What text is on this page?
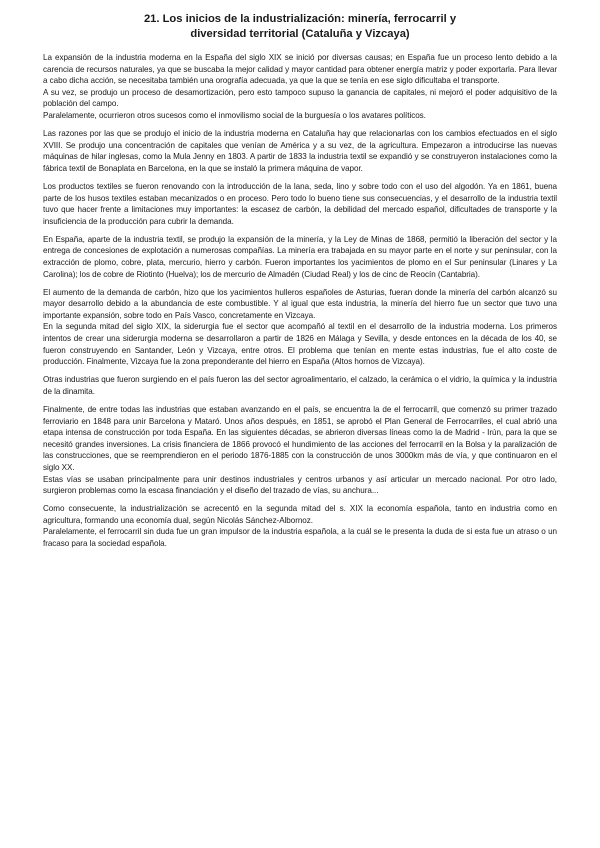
21. Los inicios de la industrialización: minería, ferrocarril y
diversidad territorial (Cataluña y Vizcaya)

La expansión de la industria moderna en la España del siglo XIX se inició por diversas causas; en España fue un proceso lento debido a la carencia de recursos naturales, ya que se buscaba la mejor calidad y mayor cantidad para obtener energía matriz y poder exportarla. Para llevar a cabo dicha acción, se necesitaba también una orografía adecuada, ya que la que se tenía en ese siglo dificultaba el transporte.

A su vez, se produjo un proceso de desamortización, pero esto tampoco supuso la ganancia de capitales, ni mejoró el poder adquisitivo de la población del campo.

Paralelamente, ocurrieron otros sucesos como el inmovilismo social de la burguesía o los avatares políticos.

Las razones por las que se produjo el inicio de la industria moderna en Cataluña hay que relacionarlas con los cambios efectuados en el siglo XVIII. Se produjo una concentración de capitales que venían de América y a su vez, de la agricultura. Empezaron a introducirse las nuevas máquinas de hilar inglesas, como la Mula Jenny en 1803. A partir de 1833 la industria textil se expandió y se construyeron instalaciones como la fábrica textil de Bonaplata en Barcelona, en la que se instaló la primera máquina de vapor.

Los productos textiles se fueron renovando con la introducción de la lana, seda, lino y sobre todo con el uso del algodón. Ya en 1861, buena parte de los husos textiles estaban mecanizados o en proceso. Pero todo lo bueno tiene sus consecuencias, y el desarrollo de la industria textil tuvo que hacer frente a limitaciones muy importantes: la escasez de carbón, la debilidad del mercado español, dificultades de transporte y la insuficiencia de la producción para cubrir la demanda.

En España, aparte de la industria textil, se produjo la expansión de la minería, y la Ley de Minas de 1868, permitió la liberación del sector y la entrega de concesiones de explotación a numerosas compañías. La minería era trabajada en su mayor parte en el norte y sur peninsular, con la extracción de plomo, cobre, plata, mercurio, hierro y carbón. Fueron importantes los yacimientos de plomo en el Sur peninsular (Linares y La Carolina); los de cobre de Riotinto (Huelva); los de mercurio de Almadén (Ciudad Real) y los de cinc de Reocín (Cantabria).

El aumento de la demanda de carbón, hizo que los yacimientos hulleros españoles de Asturias, fueran donde la minería del carbón alcanzó su mayor desarrollo debido a la abundancia de este combustible. Y al igual que esta industria, la minería del hierro fue un sector que tuvo una importante expansión, sobre todo en País Vasco, concretamente en Vizcaya.

En la segunda mitad del siglo XIX, la siderurgia fue el sector que acompañó al textil en el desarrollo de la industria moderna. Los primeros intentos de crear una siderurgia moderna se desarrollaron a partir de 1826 en Málaga y Sevilla, y desde entonces en la década de los 40, se fueron construyendo en Santander, León y Vizcaya, entre otros. El problema que tenían en mente estas industrias, fue el alto coste de producción. Finalmente, Vizcaya fue la zona preponderante del hierro en España (Altos hornos de Vizcaya).

Otras industrias que fueron surgiendo en el país fueron las del sector agroalimentario, el calzado, la cerámica o el vidrio, la química y la industria de la dinamita.

Finalmente, de entre todas las industrias que estaban avanzando en el país, se encuentra la de el ferrocarril, que comenzó su primer trazado ferroviario en 1848 para unir Barcelona y Mataró. Unos años después, en 1851, se aprobó el Plan General de Ferrocarriles, el cual abrió una etapa intensa de construcción por toda España. En las siguientes décadas, se abrieron diversas líneas como la de Madrid - Irún, para la que se necesitó grandes inversiones. La crisis financiera de 1866 provocó el hundimiento de las acciones del ferrocarril en la Bolsa y la paralización de las construcciones, que se reemprendieron en el periodo 1876-1885 con la construcción de unos 3000km más de vía, y que continuaron en el siglo XX.

Estas vías se usaban principalmente para unir destinos industriales y centros urbanos y así articular un mercado nacional. Por otro lado, surgieron problemas como la escasa financiación y el diseño del trazado de vías, su anchura...

Como consecuente, la industrialización se acrecentó en la segunda mitad del s. XIX la economía española, tanto en industria como en agricultura, formando una economía dual, según Nicolás Sánchez-Albornoz.

Paralelamente, el ferrocarril sin duda fue un gran impulsor de la industria española, a la cuál se le presenta la duda de si esta fue un atraso o un fracaso para la sociedad española.
